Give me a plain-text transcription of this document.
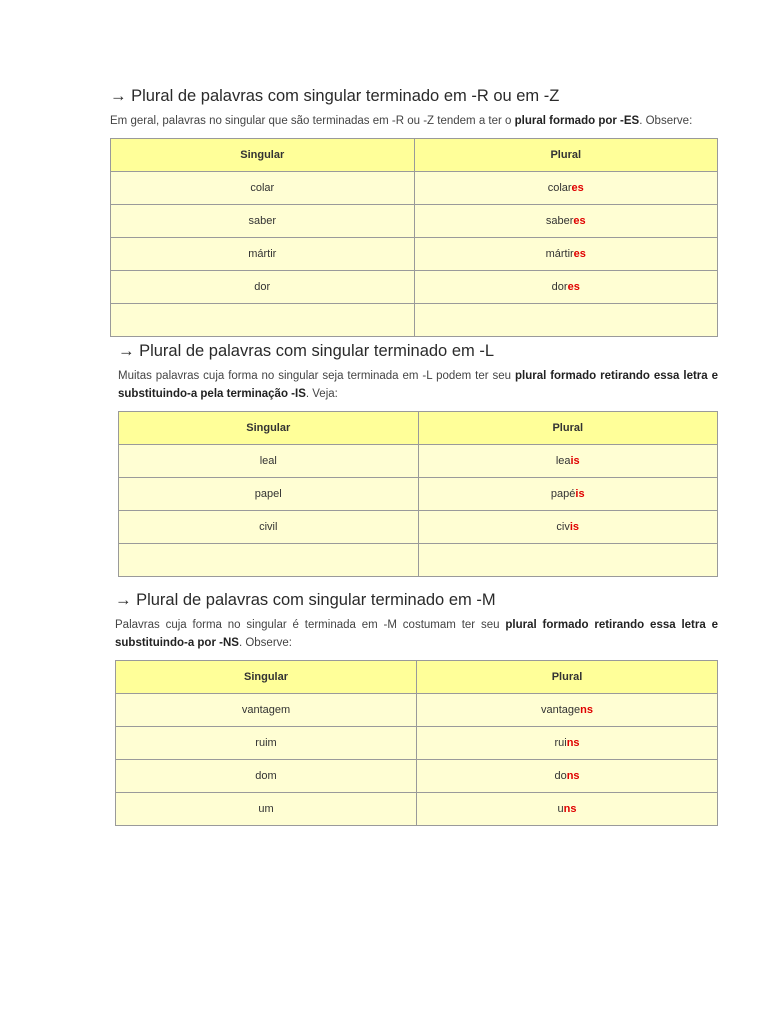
→ Plural de palavras com singular terminado em -R ou em -Z

Em geral, palavras no singular que são terminadas em -R ou -Z tendem a ter o plural formado por -ES. Observe:

Singular	Plural
colar	colares
saber	saberes
mártir	mártires
dor	dores

→ Plural de palavras com singular terminado em -L

Muitas palavras cuja forma no singular seja terminada em -L podem ter seu plural formado retirando essa letra e substituindo-a pela terminação -IS. Veja:

Singular	Plural
leal	leais
papel	papéis
civil	civis

→ Plural de palavras com singular terminado em -M

Palavras cuja forma no singular é terminada em -M costumam ter seu plural formado retirando essa letra e substituindo-a por -NS. Observe:

Singular	Plural
vantagem	vantagens
ruim	ruins
dom	dons
um	uns
